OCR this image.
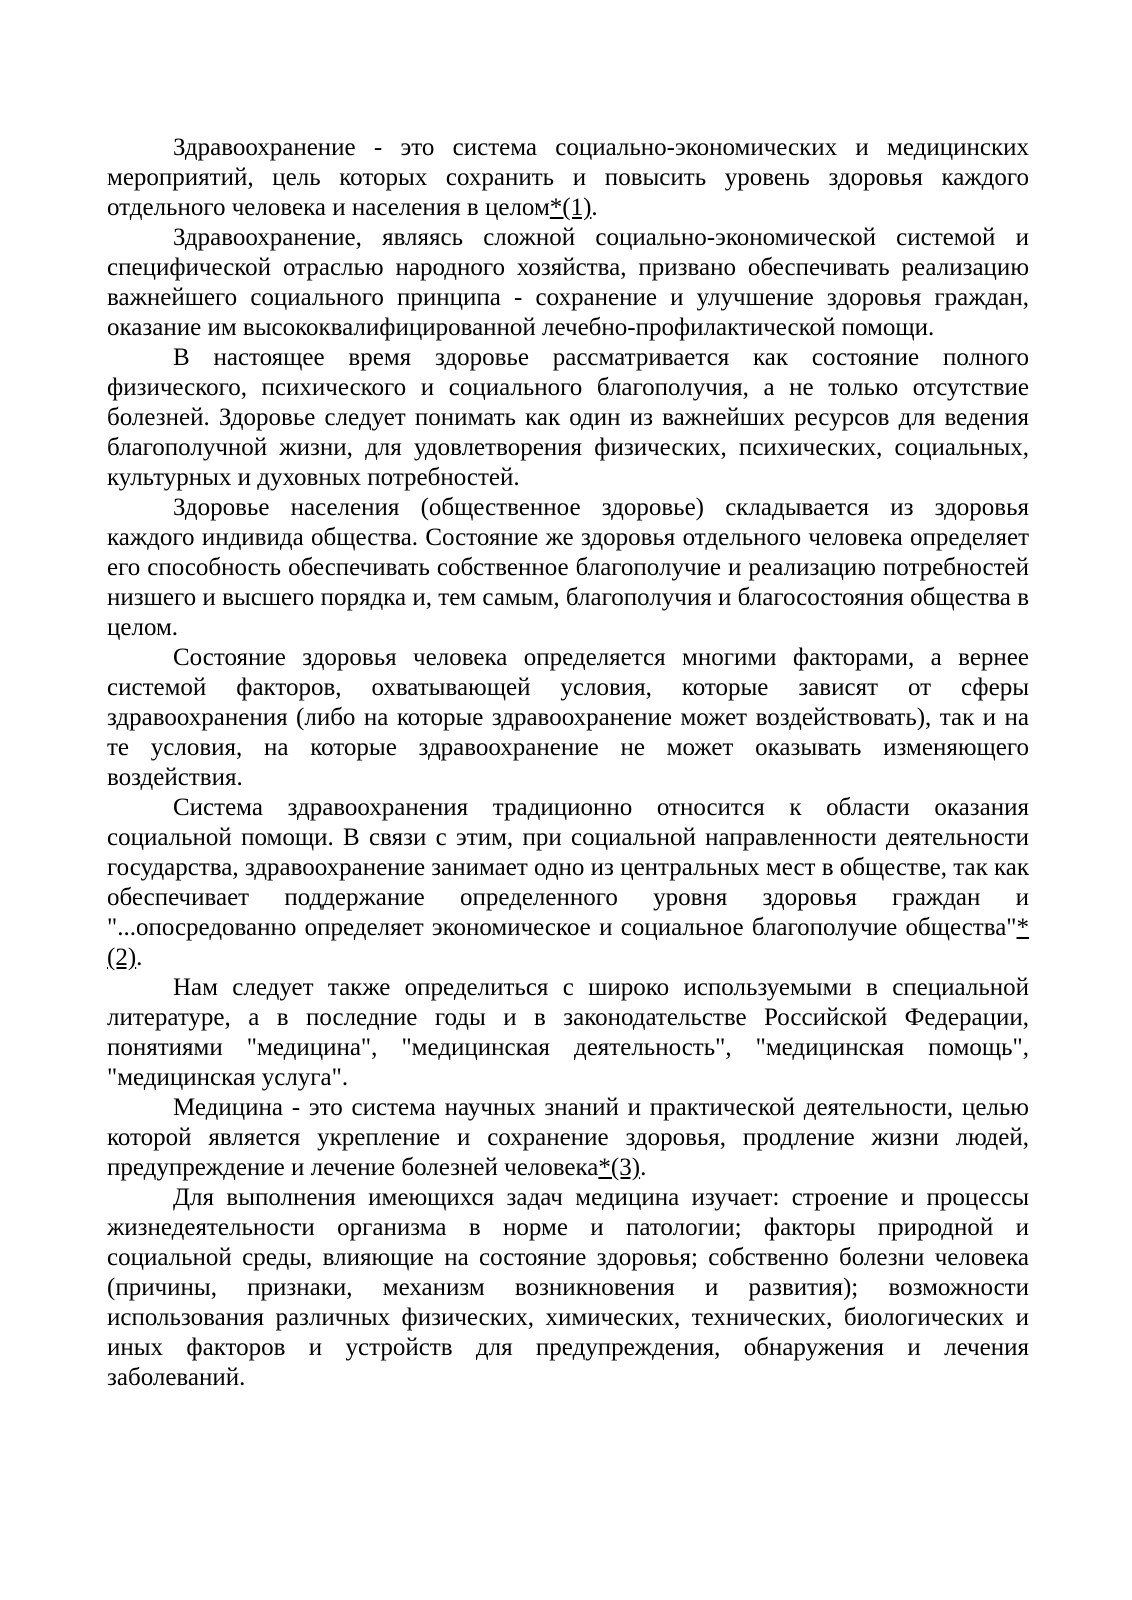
Здравоохранение - это система социально-экономических и медицинских мероприятий, цель которых сохранить и повысить уровень здоровья каждого отдельного человека и населения в целом*(1).

Здравоохранение, являясь сложной социально-экономической системой и специфической отраслью народного хозяйства, призвано обеспечивать реализацию важнейшего социального принципа - сохранение и улучшение здоровья граждан, оказание им высококвалифицированной лечебно-профилактической помощи.

В настоящее время здоровье рассматривается как состояние полного физического, психического и социального благополучия, а не только отсутствие болезней. Здоровье следует понимать как один из важнейших ресурсов для ведения благополучной жизни, для удовлетворения физических, психических, социальных, культурных и духовных потребностей.

Здоровье населения (общественное здоровье) складывается из здоровья каждого индивида общества. Состояние же здоровья отдельного человека определяет его способность обеспечивать собственное благополучие и реализацию потребностей низшего и высшего порядка и, тем самым, благополучия и благосостояния общества в целом.

Состояние здоровья человека определяется многими факторами, а вернее системой факторов, охватывающей условия, которые зависят от сферы здравоохранения (либо на которые здравоохранение может воздействовать), так и на те условия, на которые здравоохранение не может оказывать изменяющего воздействия.

Система здравоохранения традиционно относится к области оказания социальной помощи. В связи с этим, при социальной направленности деятельности государства, здравоохранение занимает одно из центральных мест в обществе, так как обеспечивает поддержание определенного уровня здоровья граждан и "...опосредованно определяет экономическое и социальное благополучие общества"*(2).

Нам следует также определиться с широко используемыми в специальной литературе, а в последние годы и в законодательстве Российской Федерации, понятиями "медицина", "медицинская деятельность", "медицинская помощь", "медицинская услуга".

Медицина - это система научных знаний и практической деятельности, целью которой является укрепление и сохранение здоровья, продление жизни людей, предупреждение и лечение болезней человека*(3).

Для выполнения имеющихся задач медицина изучает: строение и процессы жизнедеятельности организма в норме и патологии; факторы природной и социальной среды, влияющие на состояние здоровья; собственно болезни человека (причины, признаки, механизм возникновения и развития); возможности использования различных физических, химических, технических, биологических и иных факторов и устройств для предупреждения, обнаружения и лечения заболеваний.
